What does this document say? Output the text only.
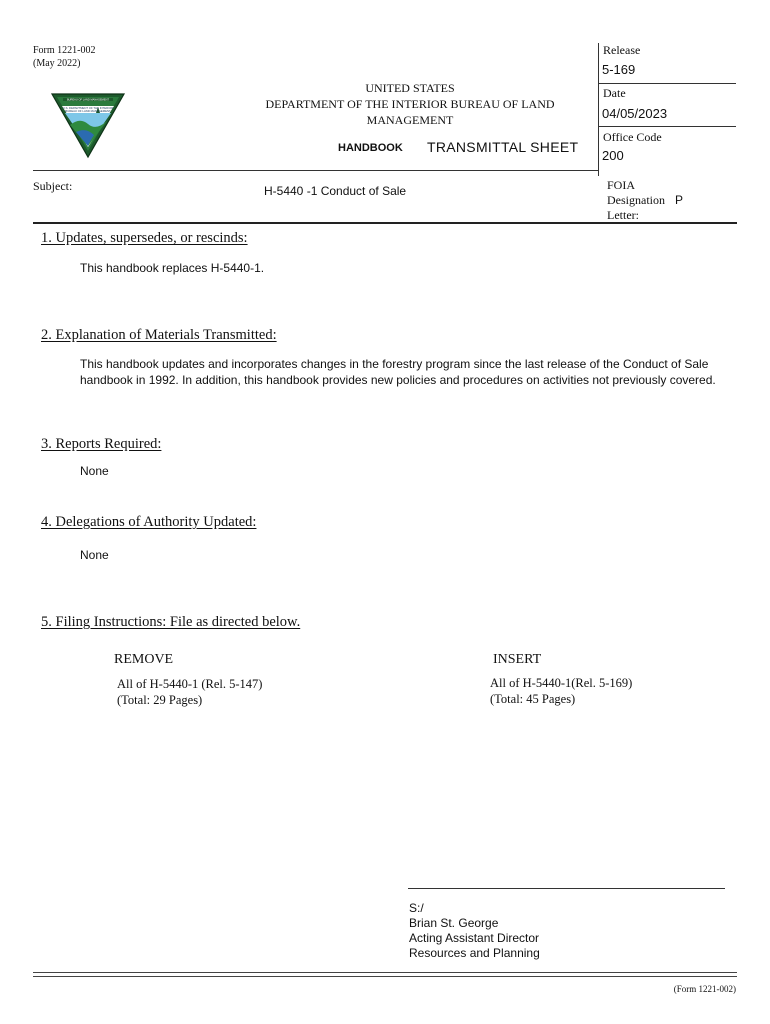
Form 1221-002
(May 2022)
BUREAU OF LAND MANAGEMENT
U.S. DEPARTMENT OF THE INTERIOR
BUREAU OF LAND MANAGEMENT
UNITED STATES
DEPARTMENT OF THE INTERIOR BUREAU OF LAND
MANAGEMENT
HANDBOOK TRANSMITTAL SHEET
Release
5-169
Date
04/05/2023
Office Code
200
Subject:	H-5440 -1 Conduct of Sale	FOIA
Designation
Letter:
P
1. Updates, supersedes, or rescinds:
This handbook replaces H-5440-1.
2. Explanation of Materials Transmitted:
This handbook updates and incorporates changes in the forestry program since the last release of the Conduct of Sale handbook in 1992. In addition, this handbook provides new policies and procedures on activities not previously covered.
3. Reports Required:
None
4. Delegations of Authority Updated:
None
5. Filing Instructions: File as directed below.
REMOVE
All of H-5440-1 (Rel. 5-147)
(Total: 29 Pages)
INSERT
All of H-5440-1(Rel. 5-169)
(Total: 45 Pages)
S:/
Brian St. George
Acting Assistant Director
Resources and Planning
(Form 1221-002)
